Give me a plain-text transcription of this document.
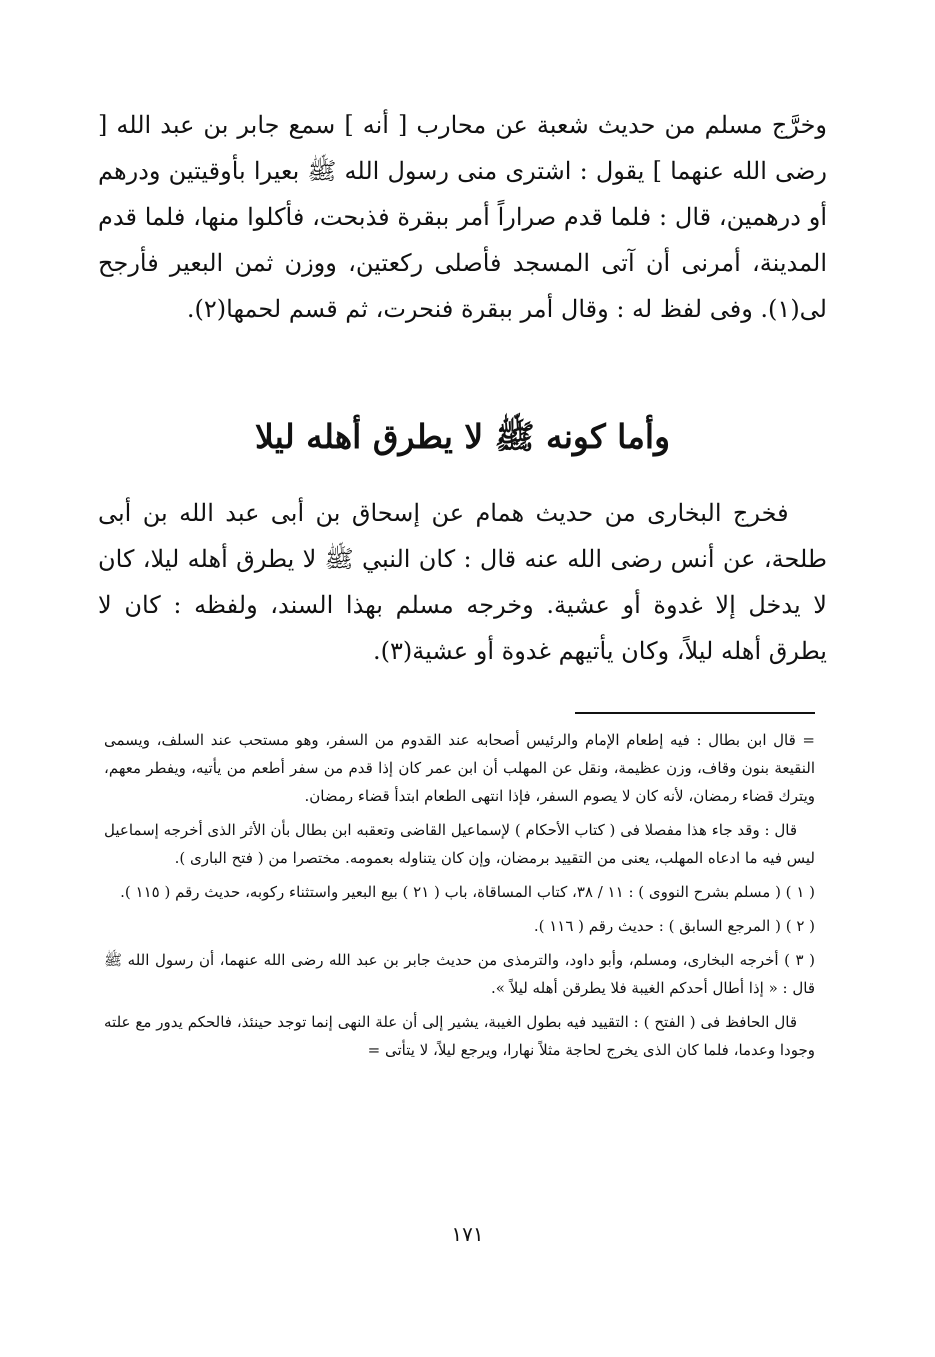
وخرَّج مسلم من حديث شعبة عن محارب [ أنه ] سمع جابر بن عبد الله [ رضى الله عنهما ] يقول : اشترى منى رسول الله ﷺ بعيرا بأوقيتين ودرهم أو درهمين، قال : فلما قدم صراراً أمر ببقرة فذبحت، فأكلوا منها، فلما قدم المدينة، أمرنى أن آتى المسجد فأصلى ركعتين، ووزن ثمن البعير فأرجح لى(١). وفى لفظ له : وقال أمر ببقرة فنحرت، ثم قسم لحمها(٢).

وأما كونه ﷺ لا يطرق أهله ليلا

فخرج البخارى من حديث همام عن إسحاق بن أبى عبد الله بن أبى طلحة، عن أنس رضى الله عنه قال : كان النبي ﷺ لا يطرق أهله ليلا، كان لا يدخل إلا غدوة أو عشية. وخرجه مسلم بهذا السند، ولفظه : كان لا يطرق أهله ليلاً، وكان يأتيهم غدوة أو عشية(٣).

= قال ابن بطال : فيه إطعام الإمام والرئيس أصحابه عند القدوم من السفر، وهو مستحب عند السلف، ويسمى النقيعة بنون وقاف، وزن عظيمة، ونقل عن المهلب أن ابن عمر كان إذا قدم من سفر أطعم من يأتيه، ويفطر معهم، ويترك قضاء رمضان، لأنه كان لا يصوم السفر، فإذا انتهى الطعام ابتدأ قضاء رمضان.

قال : وقد جاء هذا مفصلا فى ( كتاب الأحكام ) لإسماعيل القاضى وتعقبه ابن بطال بأن الأثر الذى أخرجه إسماعيل ليس فيه ما ادعاه المهلب، يعنى من التقييد برمضان، وإن كان يتناوله بعمومه. مختصرا من ( فتح البارى ).

( ١ ) ( مسلم بشرح النووى ) : ١١ / ٣٨، كتاب المساقاة، باب ( ٢١ ) بيع البعير واستثناء ركوبه، حديث رقم ( ١١٥ ).

( ٢ ) ( المرجع السابق ) : حديث رقم ( ١١٦ ).

( ٣ ) أخرجه البخارى، ومسلم، وأبو داود، والترمذى من حديث جابر بن عبد الله رضى الله عنهما، أن رسول الله ﷺ قال : « إذا أطال أحدكم الغيبة فلا يطرقن أهله ليلاً ».

قال الحافظ فى ( الفتح ) : التقييد فيه بطول الغيبة، يشير إلى أن علة النهى إنما توجد حينئذ، فالحكم يدور مع علته وجودا وعدما، فلما كان الذى يخرج لحاجة مثلاً نهارا، ويرجع ليلاً، لا يتأتى =

١٧١
